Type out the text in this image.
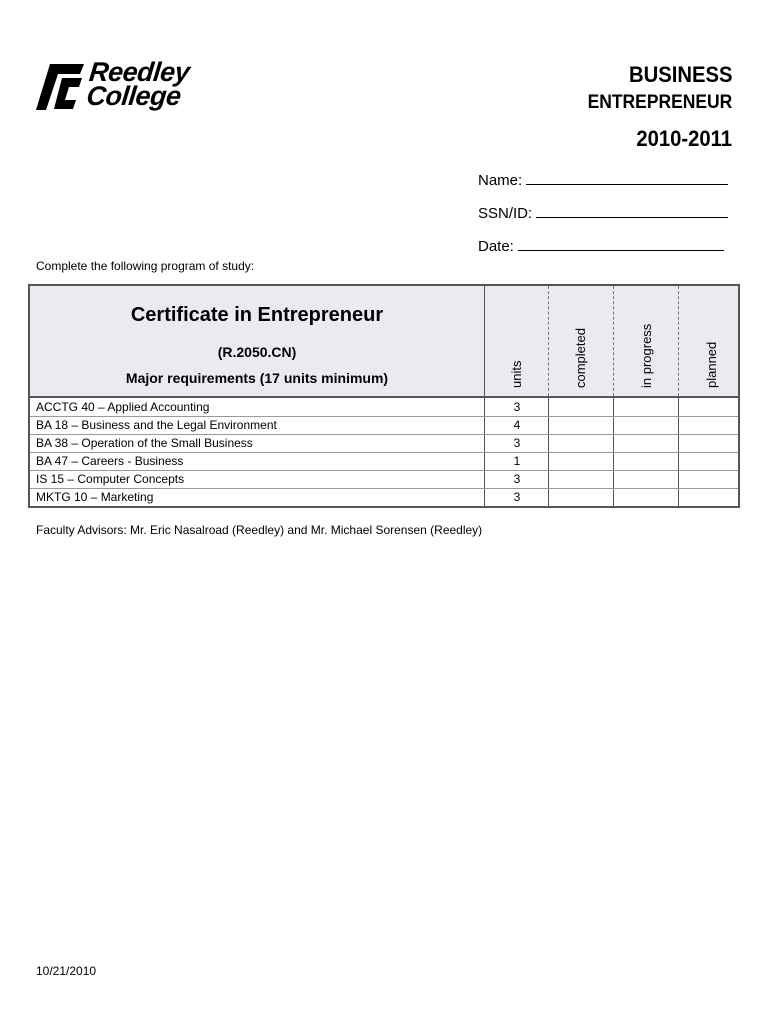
Reedley
College
BUSINESS
ENTREPRENEUR
2010-2011
Name:
SSN/ID:
Date:
Complete the following program of study:
Certificate in Entrepreneur
(R.2050.CN)
Major requirements (17 units minimum)	units	completed	in progress	planned
ACCTG 40 – Applied Accounting	3
BA 18 – Business and the Legal Environment	4
BA 38 – Operation of the Small Business	3
BA 47 – Careers - Business	1
IS 15 – Computer Concepts	3
MKTG 10 – Marketing	3
Faculty Advisors: Mr. Eric Nasalroad (Reedley) and Mr. Michael Sorensen (Reedley)
10/21/2010
